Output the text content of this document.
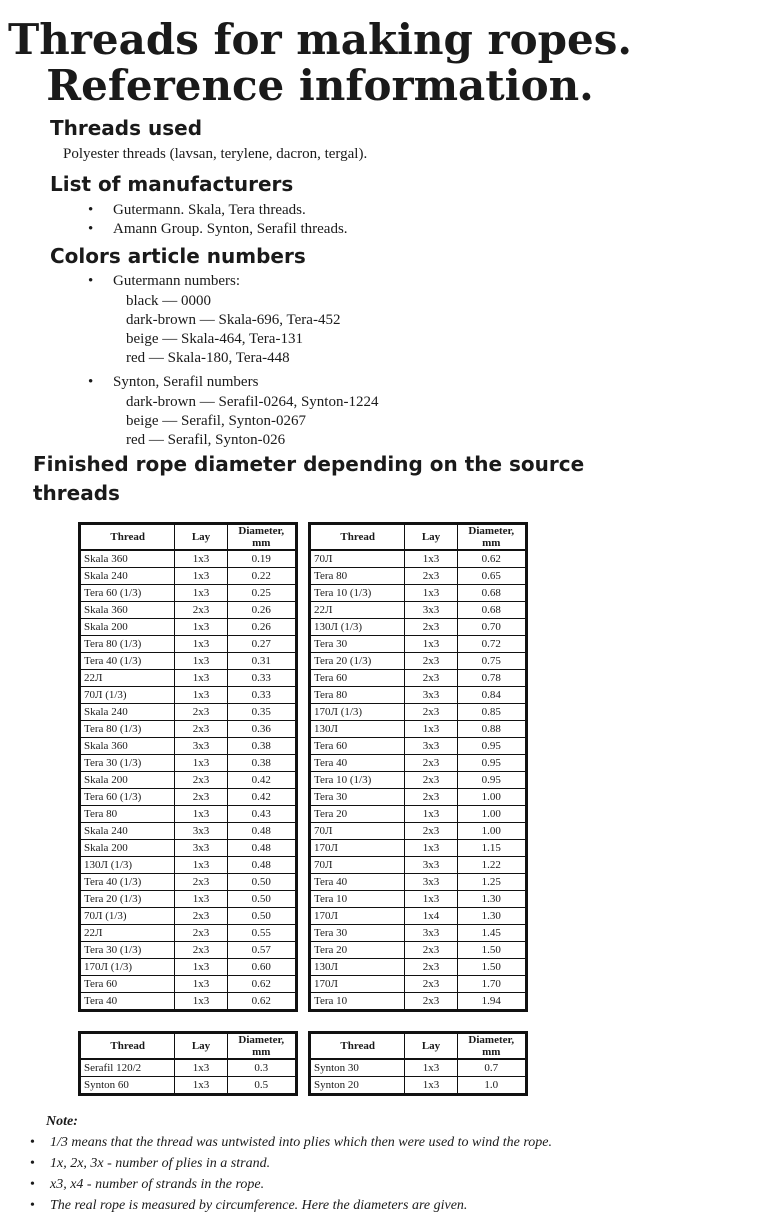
Threads for making ropes.
Reference information.
Threads used
Polyester threads (lavsan, terylene, dacron, tergal).
List of manufacturers
• Gutermann. Skala, Tera threads.
• Amann Group. Synton, Serafil threads.
Colors article numbers
• Gutermann numbers:
black — 0000
dark-brown — Skala-696, Tera-452
beige — Skala-464, Tera-131
red — Skala-180, Tera-448
• Synton, Serafil numbers
dark-brown — Serafil-0264, Synton-1224
beige — Serafil, Synton-0267
red — Serafil, Synton-026
Finished rope diameter depending on the source
threads
Thread	Lay	Diameter, mm
Skala 360	1x3	0.19
Skala 240	1x3	0.22
Tera 60 (1/3)	1x3	0.25
Skala 360	2x3	0.26
Skala 200	1x3	0.26
Tera 80 (1/3)	1x3	0.27
Tera 40 (1/3)	1x3	0.31
22Л	1x3	0.33
70Л (1/3)	1x3	0.33
Skala 240	2x3	0.35
Tera 80 (1/3)	2x3	0.36
Skala 360	3x3	0.38
Tera 30 (1/3)	1x3	0.38
Skala 200	2x3	0.42
Tera 60 (1/3)	2x3	0.42
Tera 80	1x3	0.43
Skala 240	3x3	0.48
Skala 200	3x3	0.48
130Л (1/3)	1x3	0.48
Tera 40 (1/3)	2x3	0.50
Tera 20 (1/3)	1x3	0.50
70Л (1/3)	2x3	0.50
22Л	2x3	0.55
Tera 30 (1/3)	2x3	0.57
170Л (1/3)	1x3	0.60
Tera 60	1x3	0.62
Tera 40	1x3	0.62
Thread	Lay	Diameter, mm
70Л	1x3	0.62
Tera 80	2x3	0.65
Tera 10 (1/3)	1x3	0.68
22Л	3x3	0.68
130Л (1/3)	2x3	0.70
Tera 30	1x3	0.72
Tera 20 (1/3)	2x3	0.75
Tera 60	2x3	0.78
Tera 80	3x3	0.84
170Л (1/3)	2x3	0.85
130Л	1x3	0.88
Tera 60	3x3	0.95
Tera 40	2x3	0.95
Tera 10 (1/3)	2x3	0.95
Tera 30	2x3	1.00
Tera 20	1x3	1.00
70Л	2x3	1.00
170Л	1x3	1.15
70Л	3x3	1.22
Tera 40	3x3	1.25
Tera 10	1x3	1.30
170Л	1x4	1.30
Tera 30	3x3	1.45
Tera 20	2x3	1.50
130Л	2x3	1.50
170Л	2x3	1.70
Tera 10	2x3	1.94
Thread	Lay	Diameter, mm
Serafil 120/2	1x3	0.3
Synton 60	1x3	0.5
Thread	Lay	Diameter, mm
Synton 30	1x3	0.7
Synton 20	1x3	1.0
Note:
• 1/3 means that the thread was untwisted into plies which then were used to wind the rope.
• 1x, 2x, 3x - number of plies in a strand.
• x3, x4 - number of strands in the rope.
• The real rope is measured by circumference. Here the diameters are given.
